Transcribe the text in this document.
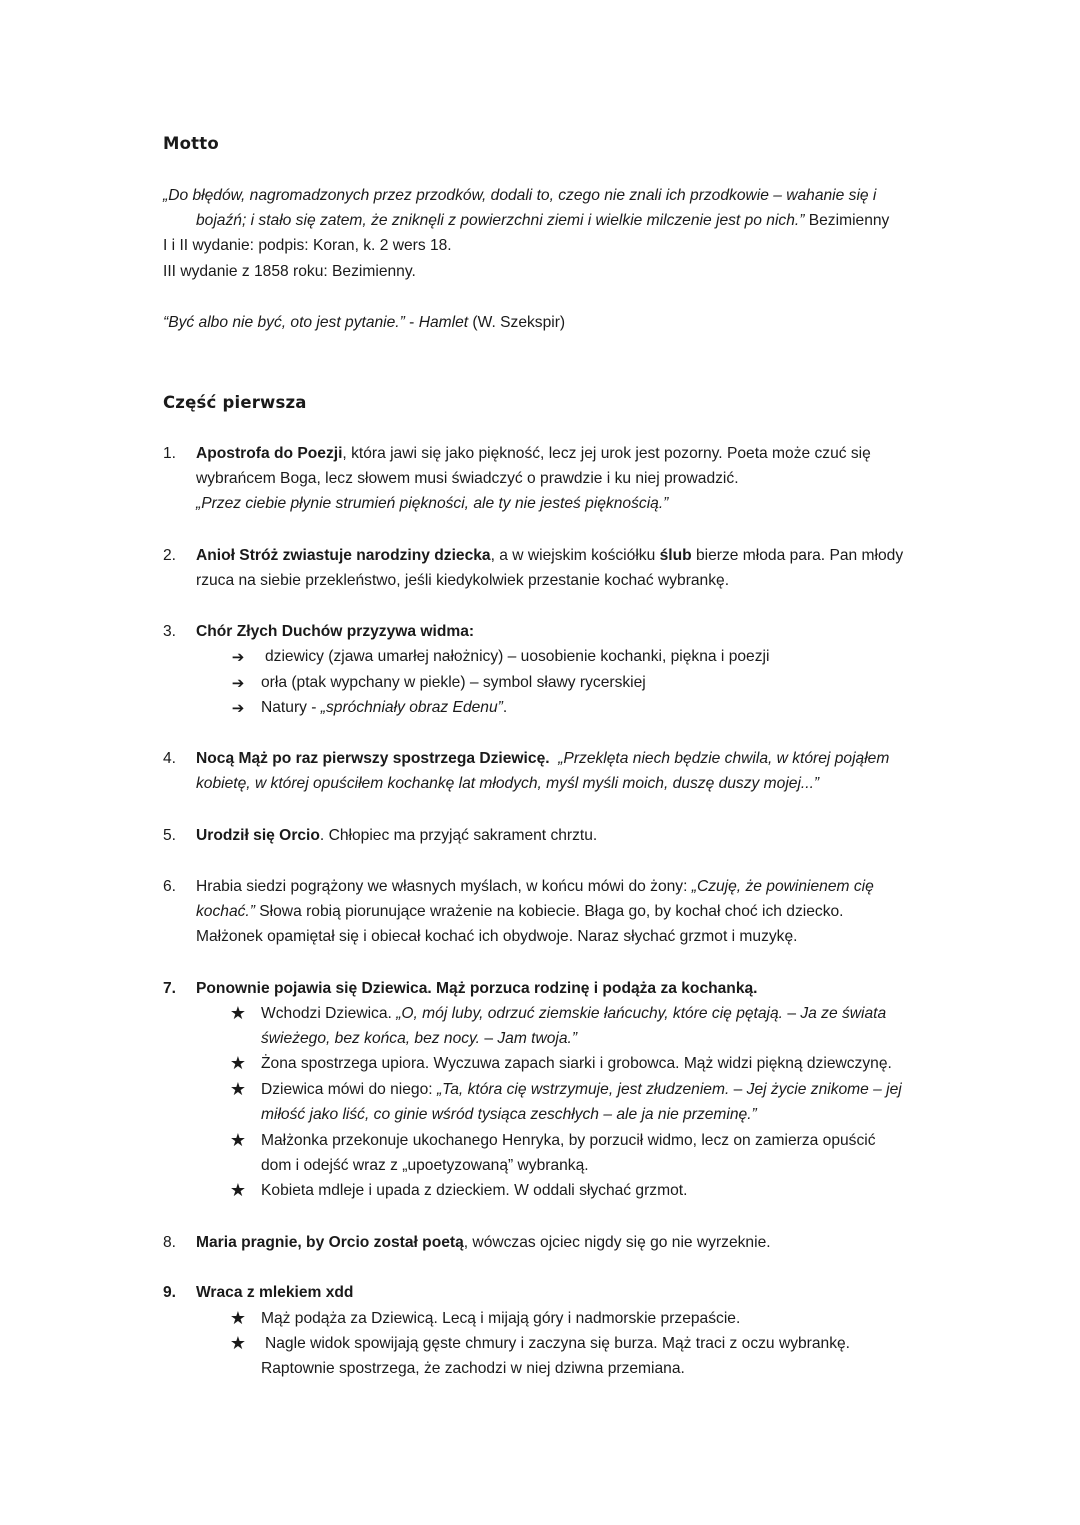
Motto
„Do błędów, nagromadzonych przez przodków, dodali to, czego nie znali ich przodkowie – wahanie się i
bojaźń; i stało się zatem, że zniknęli z powierzchni ziemi i wielkie milczenie jest po nich.” Bezimienny
I i II wydanie: podpis: Koran, k. 2 wers 18.
III wydanie z 1858 roku: Bezimienny.
“Być albo nie być, oto jest pytanie.” - Hamlet (W. Szekspir)
Część pierwsza
1. Apostrofa do Poezji, która jawi się jako piękność, lecz jej urok jest pozorny. Poeta może czuć się
wybrańcem Boga, lecz słowem musi świadczyć o prawdzie i ku niej prowadzić.
„Przez ciebie płynie strumień piękności, ale ty nie jesteś pięknością.”
2. Anioł Stróż zwiastuje narodziny dziecka, a w wiejskim kościółku ślub bierze młoda para. Pan młody
rzuca na siebie przekleństwo, jeśli kiedykolwiek przestanie kochać wybrankę.
3. Chór Złych Duchów przyzywa widma:
➔ dziewicy (zjawa umarłej nałożnicy) – uosobienie kochanki, piękna i poezji
➔ orła (ptak wypchany w piekle) – symbol sławy rycerskiej
➔ Natury - „spróchniały obraz Edenu”.
4. Nocą Mąż po raz pierwszy spostrzega Dziewicę.  „Przeklęta niech będzie chwila, w której pojąłem
kobietę, w której opuściłem kochankę lat młodych, myśl myśli moich, duszę duszy mojej...”
5. Urodził się Orcio. Chłopiec ma przyjąć sakrament chrztu.
6. Hrabia siedzi pogrążony we własnych myślach, w końcu mówi do żony: „Czuję, że powinienem cię
kochać.” Słowa robią piorunujące wrażenie na kobiecie. Błaga go, by kochał choć ich dziecko.
Małżonek opamiętał się i obiecał kochać ich obydwoje. Naraz słychać grzmot i muzykę.
7. Ponownie pojawia się Dziewica. Mąż porzuca rodzinę i podąża za kochanką.
★ Wchodzi Dziewica. „O, mój luby, odrzuć ziemskie łańcuchy, które cię pętają. – Ja ze świata
świeżego, bez końca, bez nocy. – Jam twoja.”
★ Żona spostrzega upiora. Wyczuwa zapach siarki i grobowca. Mąż widzi piękną dziewczynę.
★ Dziewica mówi do niego: „Ta, która cię wstrzymuje, jest złudzeniem. – Jej życie znikome – jej
miłość jako liść, co ginie wśród tysiąca zeschłych – ale ja nie przeminę.”
★ Małżonka przekonuje ukochanego Henryka, by porzucił widmo, lecz on zamierza opuścić
dom i odejść wraz z „upoetyzowaną” wybranką.
★ Kobieta mdleje i upada z dzieckiem. W oddali słychać grzmot.
8. Maria pragnie, by Orcio został poetą, wówczas ojciec nigdy się go nie wyrzeknie.
9. Wraca z mlekiem xdd
★ Mąż podąża za Dziewicą. Lecą i mijają góry i nadmorskie przepaście.
★ Nagle widok spowijają gęste chmury i zaczyna się burza. Mąż traci z oczu wybrankę.
Raptownie spostrzega, że zachodzi w niej dziwna przemiana.
